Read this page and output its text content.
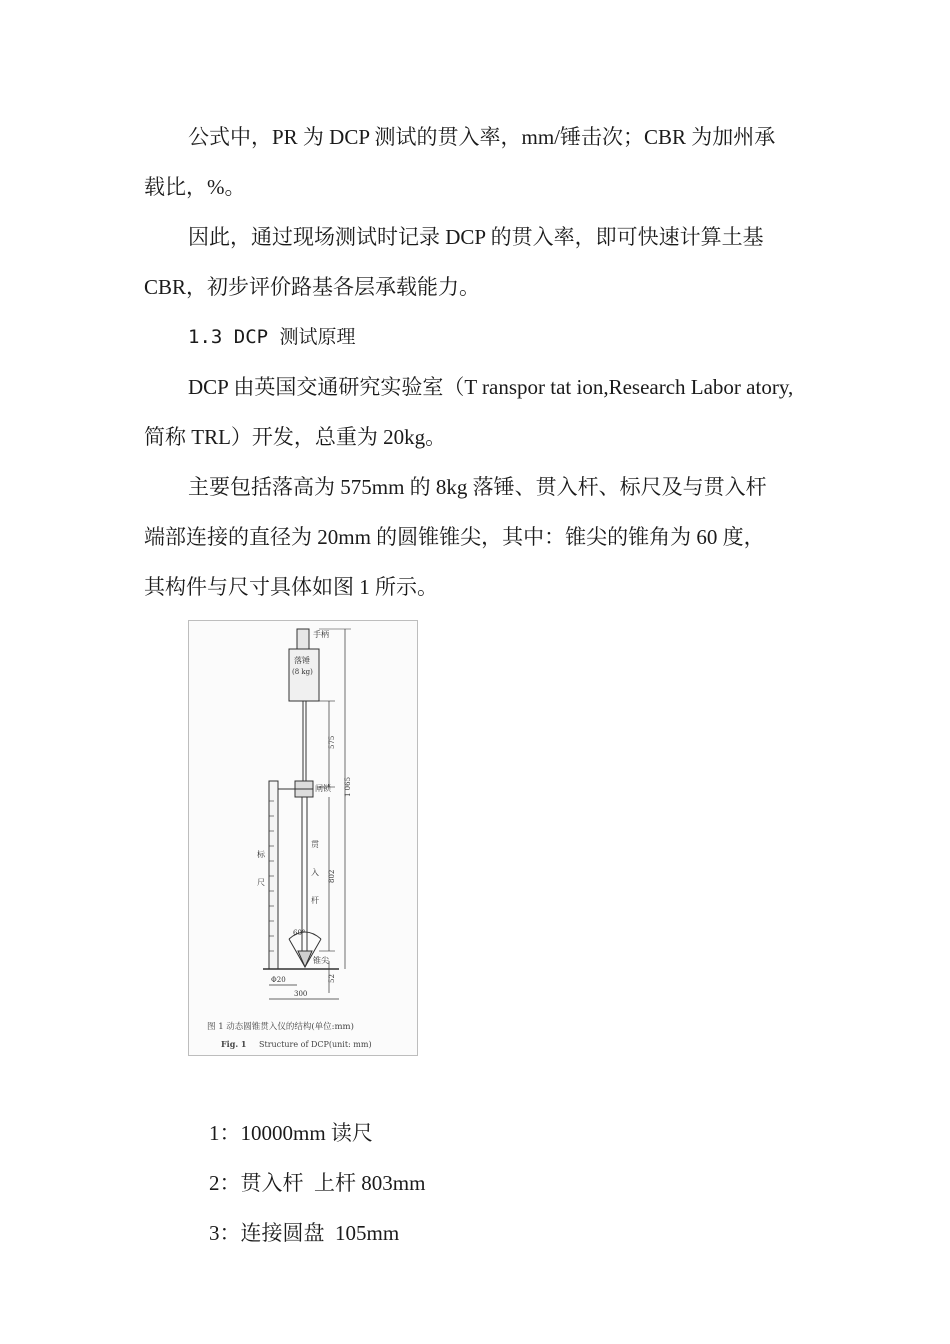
公式中，PR 为 DCP 测试的贯入率，mm/锤击次；CBR 为加州承

载比，%。

因此，通过现场测试时记录 DCP 的贯入率，即可快速计算土基

CBR，初步评价路基各层承载能力。

1.3 DCP 测试原理

DCP 由英国交通研究实验室（T ranspor tat ion,Research Labor atory,

简称 TRL）开发，总重为 20kg。

主要包括落高为 575mm 的 8kg 落锤、贯入杆、标尺及与贯入杆

端部连接的直径为 20mm 的圆锥锥尖，其中：锥尖的锥角为 60 度，

其构件与尺寸具体如图 1 所示。

手柄
落锤
(8 kg)
闸锁
贯
入
杆
标
尺
锥尖
60°
575
1 065
802
52
Φ20
300
图 1 动态圆锥贯入仪的结构(单位:mm)
Fig. 1 Structure of DCP(unit: mm)

1：10000mm 读尺

2：贯入杆  上杆 803mm

3：连接圆盘  105mm
